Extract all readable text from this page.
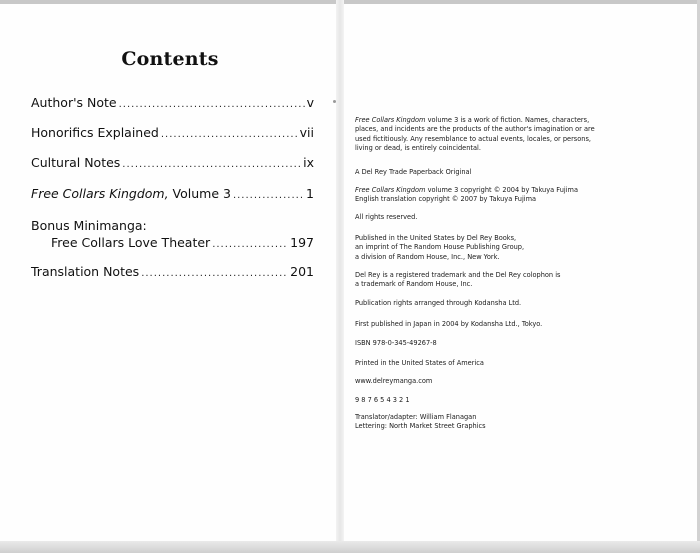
Contents
Author's Note .....	v
Honorifics Explained .....	vii
Cultural Notes .....	ix
Free Collars Kingdom, Volume 3 .....	1
Bonus Minimanga:
Free Collars Love Theater .....	197
Translation Notes .....	201

Free Collars Kingdom volume 3 is a work of fiction. Names, characters, places, and incidents are the products of the author's imagination or are used fictitiously. Any resemblance to actual events, locales, or persons, living or dead, is entirely coincidental.

A Del Rey Trade Paperback Original

Free Collars Kingdom volume 3 copyright © 2004 by Takuya Fujima

English translation copyright © 2007 by Takuya Fujima

All rights reserved.

Published in the United States by Del Rey Books,

an imprint of The Random House Publishing Group,

a division of Random House, Inc., New York.

Del Rey is a registered trademark and the Del Rey colophon is

a trademark of Random House, Inc.

Publication rights arranged through Kodansha Ltd.
First published in Japan in 2004 by Kodansha Ltd., Tokyo.
ISBN 978-0-345-49267-8
Printed in the United States of America
www.delreymanga.com
9 8 7 6 5 4 3 2 1

Translator/adapter: William Flanagan

Lettering: North Market Street Graphics
